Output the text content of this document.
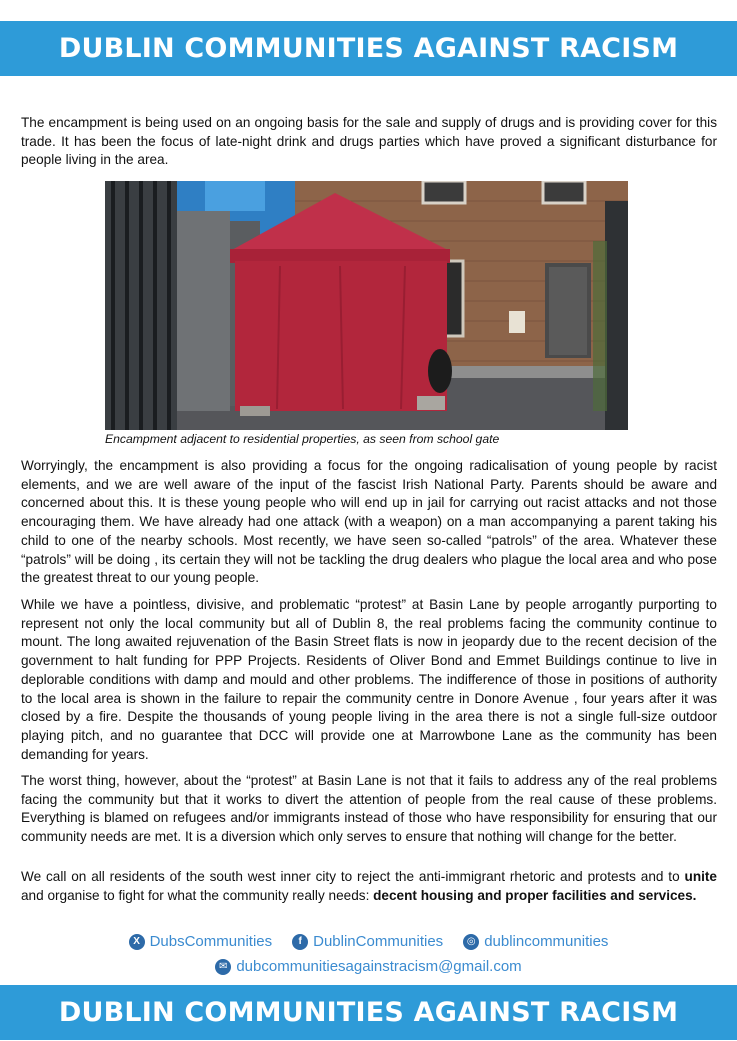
DUBLIN COMMUNITIES AGAINST RACISM

The encampment is being used on an ongoing basis for the sale and supply of drugs and is providing cover for this trade. It has been the focus of late-night drink and drugs parties which have proved a significant disturbance for people living in the area.

Encampment adjacent to residential properties, as seen from school gate

Worryingly, the encampment is also providing a focus for the ongoing radicalisation of young people by racist elements, and we are well aware of the input of the fascist Irish National Party. Parents should be aware and concerned about this. It is these young people who will end up in jail for carrying out racist attacks and not those encouraging them. We have already had one attack (with a weapon) on a man accompanying a parent taking his child to one of the nearby schools. Most recently, we have seen so-called “patrols” of the area. Whatever these “patrols” will be doing , its certain they will not be tackling the drug dealers who plague the local area and who pose the greatest threat to our young people.

While we have a pointless, divisive, and problematic “protest” at Basin Lane by people arrogantly purporting to represent not only the local community but all of Dublin 8, the real problems facing the community continue to mount. The long awaited rejuvenation of the Basin Street flats is now in jeopardy due to the recent decision of the government to halt funding for PPP Projects. Residents of Oliver Bond and Emmet Buildings continue to live in deplorable conditions with damp and mould and other problems. The indifference of those in positions of authority to the local area is shown in the failure to repair the community centre in Donore Avenue , four years after it was closed by a fire. Despite the thousands of young people living in the area there is not a single full-size outdoor playing pitch, and no guarantee that DCC will provide one at Marrowbone Lane as the community has been demanding for years.

The worst thing, however, about the “protest” at Basin Lane is not that it fails to address any of the real problems facing the community but that it works to divert the attention of people from the real cause of these problems. Everything is blamed on refugees and/or immigrants instead of those who have responsibility for ensuring that our community needs are met. It is a diversion which only serves to ensure that nothing will change for the better.

We call on all residents of the south west inner city to reject the anti-immigrant rhetoric and protests and to unite and organise to fight for what the community really needs: decent housing and proper facilities and services.

X DubsCommunities	f DublinCommunities	◎ dublincommunities
✉ dubcommunitiesagainstracism@gmail.com
DUBLIN COMMUNITIES AGAINST RACISM
